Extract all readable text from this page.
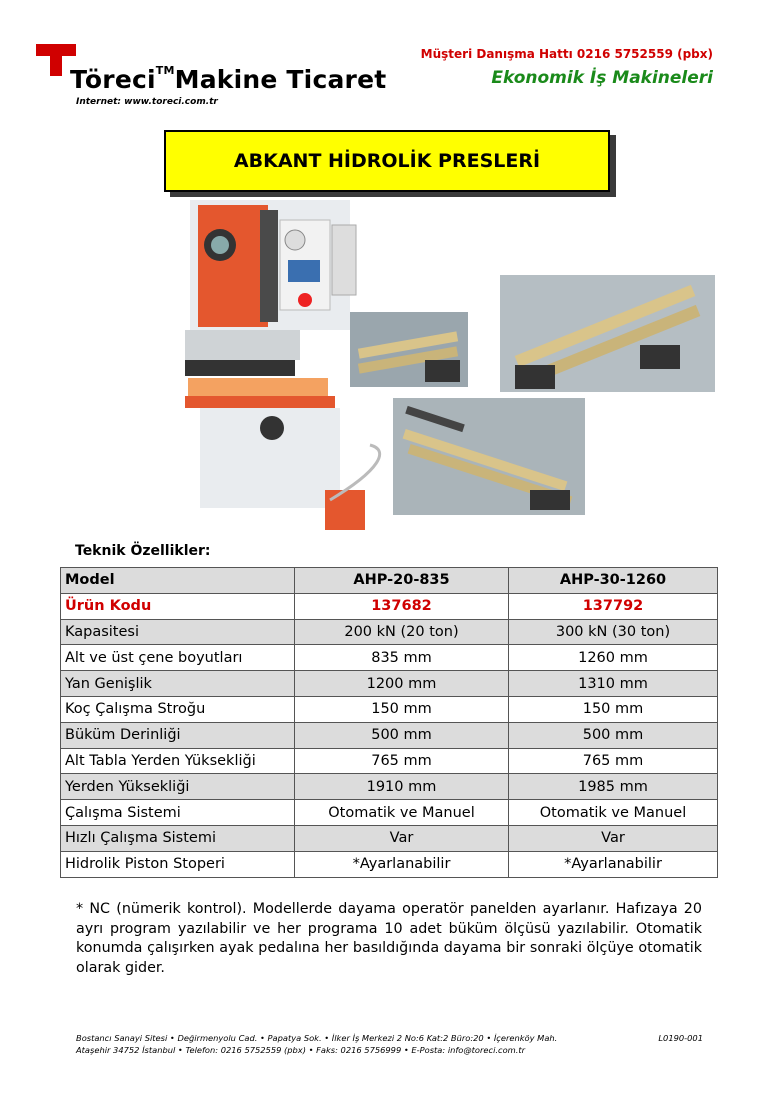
Töreci™Makine Ticaret
Internet: www.toreci.com.tr
Müşteri Danışma Hattı 0216 5752559 (pbx)
Ekonomik İş Makineleri
ABKANT HİDROLİK PRESLERİ
Teknik Özellikler:
Model	AHP-20-835	AHP-30-1260
Ürün Kodu	137682	137792
Kapasitesi	200 kN (20 ton)	300 kN (30 ton)
Alt ve üst çene boyutları	835 mm	1260 mm
Yan Genişlik	1200 mm	1310 mm
Koç Çalışma Stroğu	150 mm	150 mm
Büküm Derinliği	500 mm	500 mm
Alt Tabla Yerden Yüksekliği	765 mm	765 mm
Yerden Yüksekliği	1910 mm	1985 mm
Çalışma Sistemi	Otomatik ve Manuel	Otomatik ve Manuel
Hızlı Çalışma Sistemi	Var	Var
Hidrolik Piston Stoperi	*Ayarlanabilir	*Ayarlanabilir
* NC (nümerik kontrol). Modellerde dayama operatör panelden ayarlanır. Hafızaya 20 ayrı program yazılabilir ve her programa 10 adet büküm ölçüsü yazılabilir. Otomatik konumda çalışırken ayak pedalına her basıldığında dayama bir sonraki ölçüye otomatik olarak gider.
Bostancı Sanayi Sitesi • Değirmenyolu Cad. • Papatya Sok. • İlker İş Merkezi 2 No:6 Kat:2 Büro:20 • İçerenköy Mah.
Ataşehir 34752 İstanbul • Telefon: 0216 5752559 (pbx) • Faks: 0216 5756999 • E-Posta: info@toreci.com.tr
L0190-001
